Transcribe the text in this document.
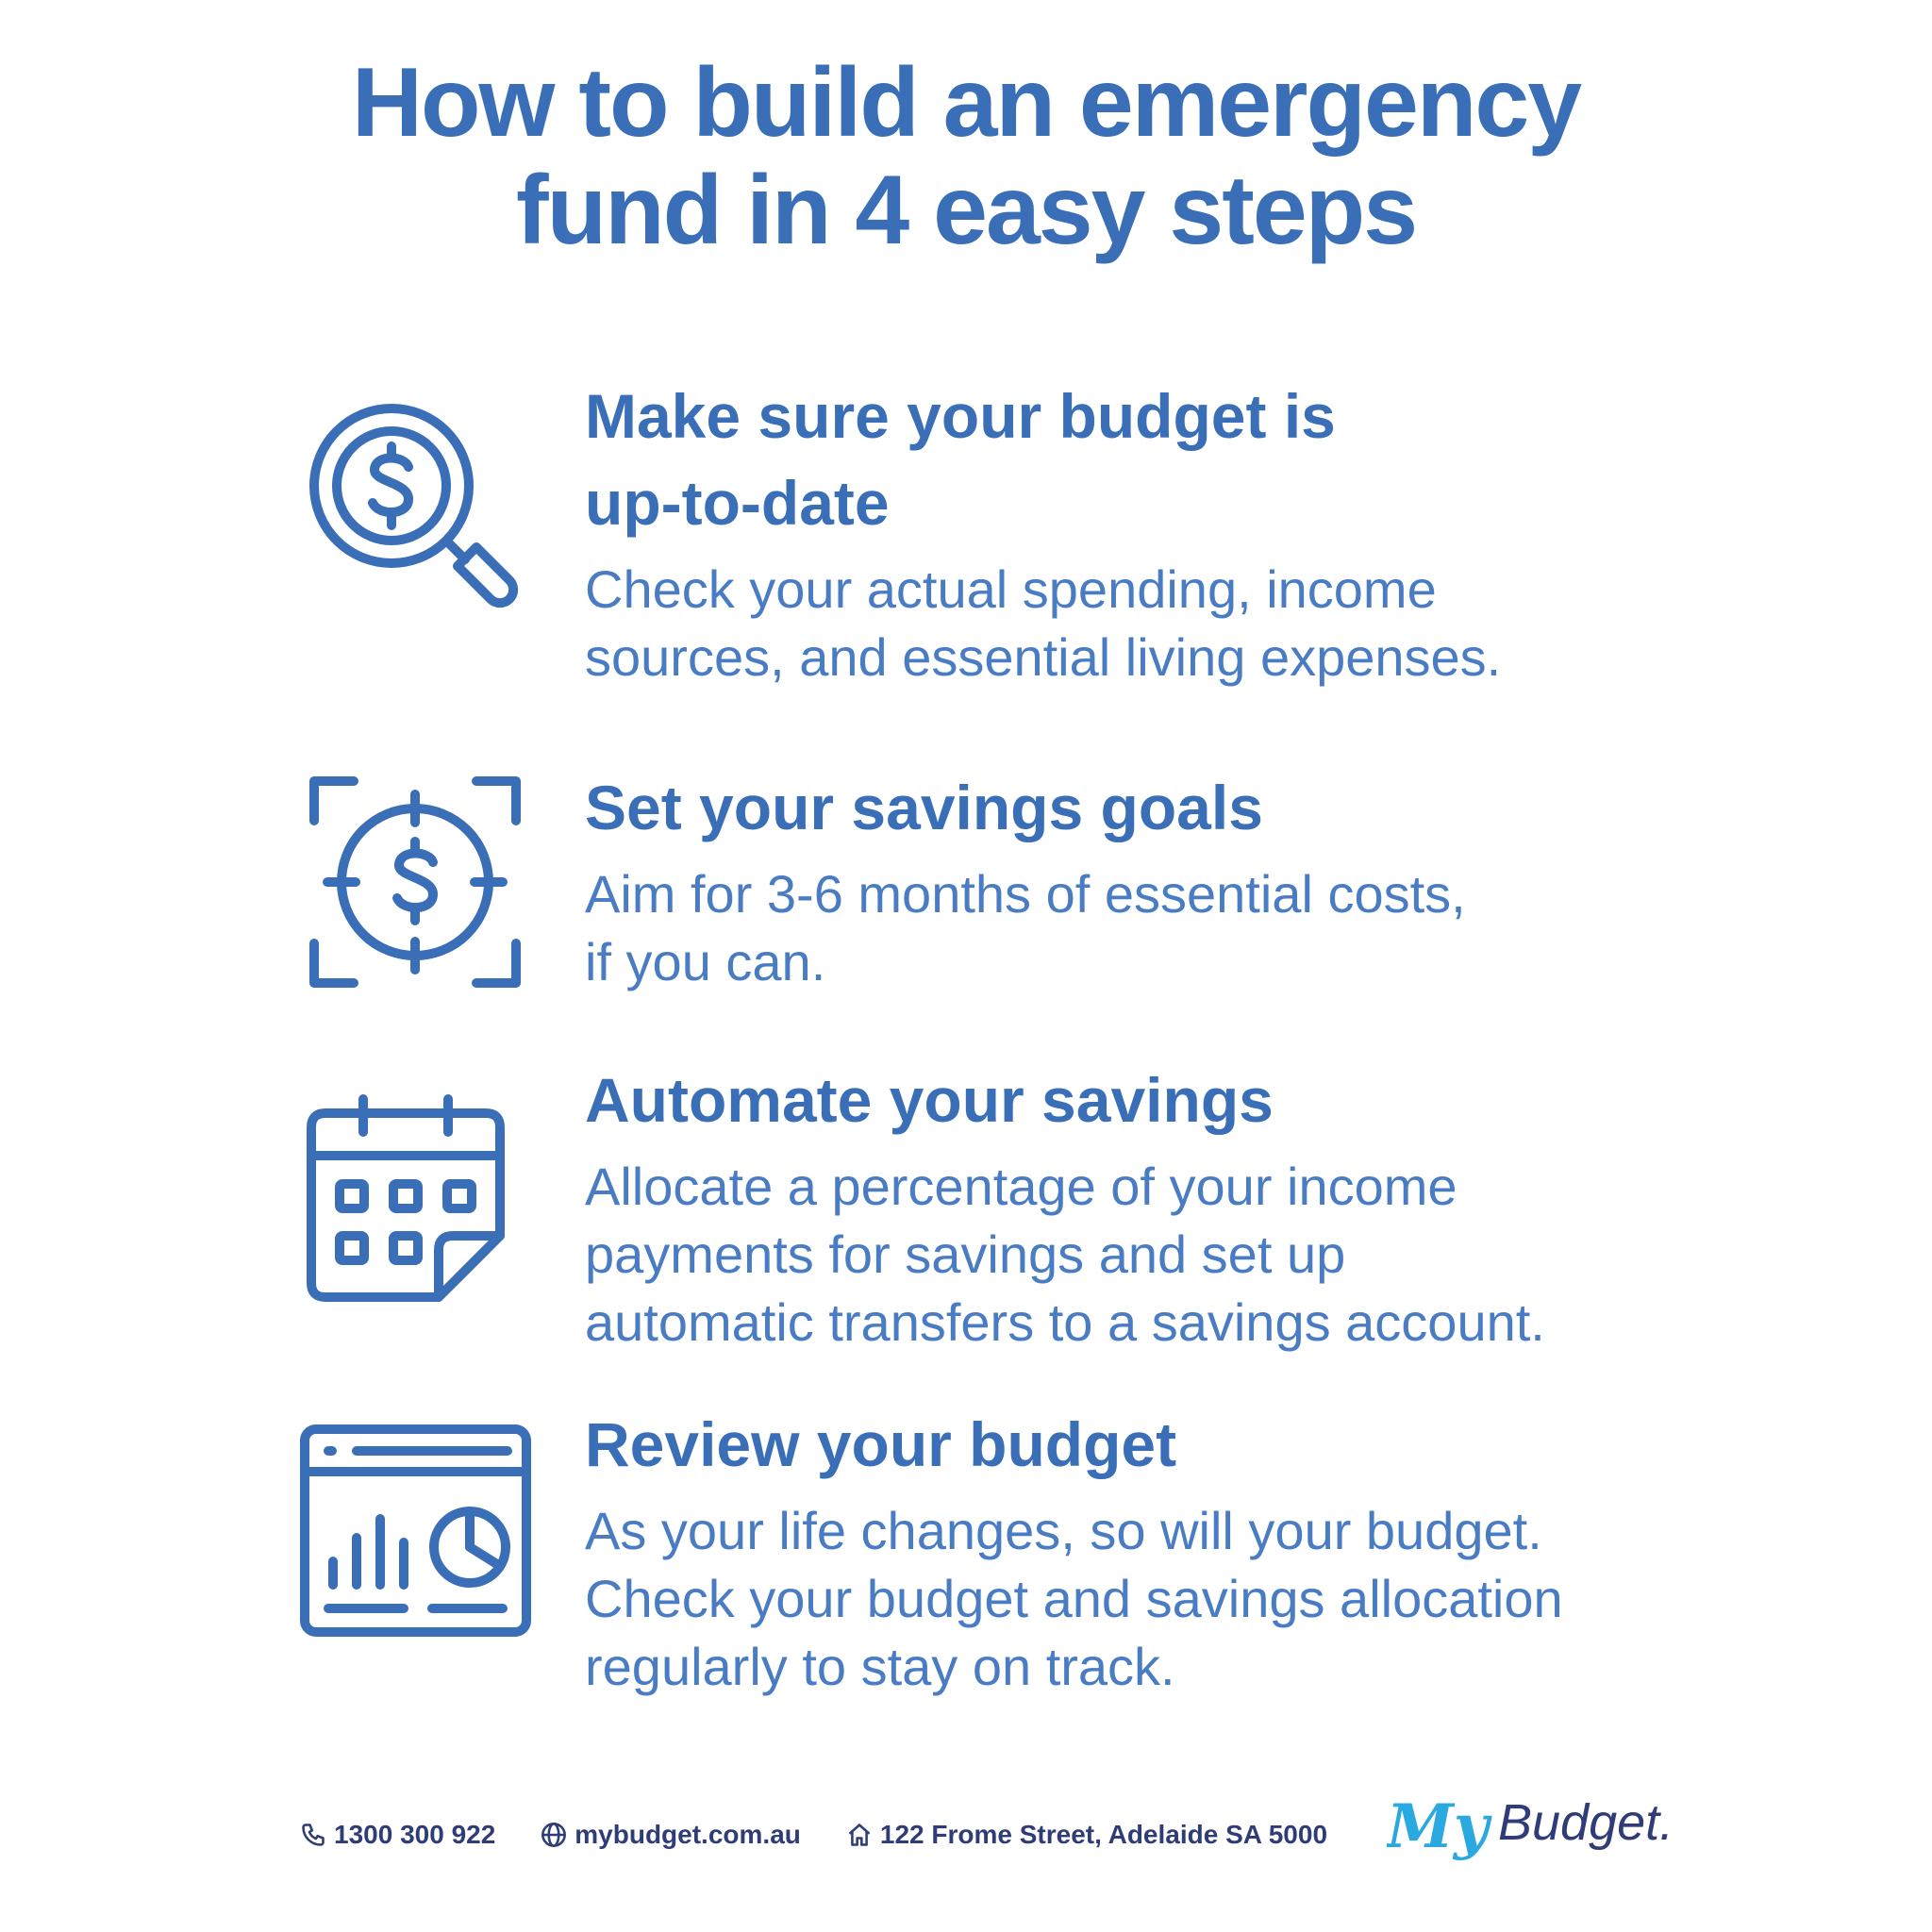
How to build an emergency
fund in 4 easy steps
Make sure your budget is
up-to-date

Check your actual spending, income
sources, and essential living expenses.

Set your savings goals

Aim for 3-6 months of essential costs,
if you can.

Automate your savings

Allocate a percentage of your income
payments for savings and set up
automatic transfers to a savings account.

Review your budget

As your life changes, so will your budget.
Check your budget and savings allocation
regularly to stay on track.

1300 300 922	mybudget.com.au	122 Frome Street, Adelaide SA 5000 My Budget.
